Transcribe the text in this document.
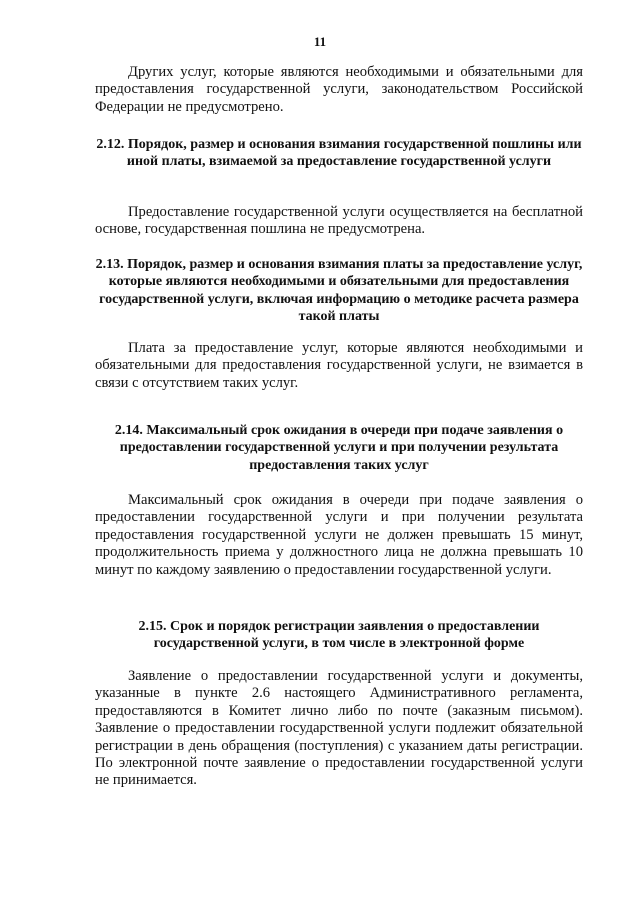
11

Других услуг, которые являются необходимыми и обязательными для предоставления государственной услуги, законодательством Российской Федерации не предусмотрено.

2.12. Порядок, размер и основания взимания государственной пошлины или иной платы, взимаемой за предоставление государственной услуги

Предоставление государственной услуги осуществляется на бесплатной основе, государственная пошлина не предусмотрена.

2.13. Порядок, размер и основания взимания платы за предоставление услуг, которые являются необходимыми и обязательными для предоставления государственной услуги, включая информацию о методике расчета размера такой платы

Плата за предоставление услуг, которые являются необходимыми и обязательными для предоставления государственной услуги, не взимается в связи с отсутствием таких услуг.

2.14. Максимальный срок ожидания в очереди при подаче заявления о предоставлении государственной услуги и при получении результата предоставления таких услуг

Максимальный срок ожидания в очереди при подаче заявления о предоставлении государственной услуги и при получении результата предоставления государственной услуги не должен превышать 15 минут, продолжительность приема у должностного лица не должна превышать 10 минут по каждому заявлению о предоставлении государственной услуги.

2.15. Срок и порядок регистрации заявления о предоставлении государственной услуги, в том числе в электронной форме

Заявление о предоставлении государственной услуги и документы, указанные в пункте 2.6 настоящего Административного регламента, предоставляются в Комитет лично либо по почте (заказным письмом). Заявление о предоставлении государственной услуги подлежит обязательной регистрации в день обращения (поступления) с указанием даты регистрации. По электронной почте заявление о предоставлении государственной услуги не принимается.
